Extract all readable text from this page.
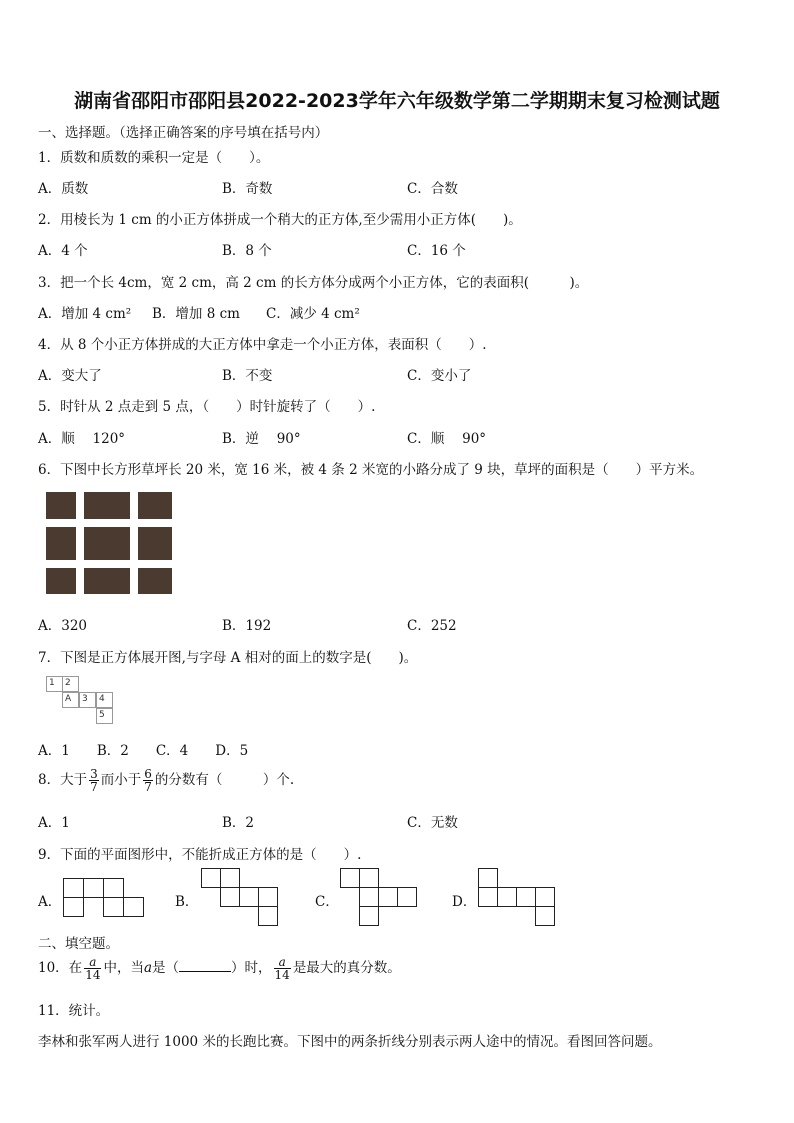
湖南省邵阳市邵阳县2022-2023学年六年级数学第二学期期末复习检测试题
一、选择题。（选择正确答案的序号填在括号内）
1．质数和质数的乘积一定是（　　）。
A．质数	B．奇数	C．合数
2．用棱长为 1 cm 的小正方体拼成一个稍大的正方体,至少需用小正方体(　　)。
A．4 个	B．8 个	C．16 个
3．把一个长 4cm，宽 2 cm，高 2 cm 的长方体分成两个小正方体，它的表面积(　　　)。
A．增加 4 cm² B．增加 8 cm C．减少 4 cm²
4．从 8 个小正方体拼成的大正方体中拿走一个小正方体，表面积（　　）.
A．变大了	B．不变	C．变小了
5．时针从 2 点走到 5 点，（　　）时针旋转了（　　）.
A．顺　 120°	B．逆　 90°	C．顺　 90°
6．下图中长方形草坪长 20 米，宽 16 米，被 4 条 2 米宽的小路分成了 9 块，草坪的面积是（　　）平方米。
A．320	B．192	C．252
7．下图是正方体展开图,与字母 A 相对的面上的数字是(　　)。
1	2
A	3	4
5
A．1　　B．2　　C．4　　D．5
8．大于 $\frac{3}{7}$ 而小于 $\frac{6}{7}$ 的分数有（　　　）个.
A．1	B．2	C．无数
9．下面的平面图形中，不能折成正方体的是（　　）.
A．	B．	C．	D．
二、填空题。
10．在 $\frac{a}{14}$ 中，当a是（	）时， $\frac{a}{14}$ 是最大的真分数。
11．统计。
李林和张军两人进行 1000 米的长跑比赛。下图中的两条折线分别表示两人途中的情况。看图回答问题。
